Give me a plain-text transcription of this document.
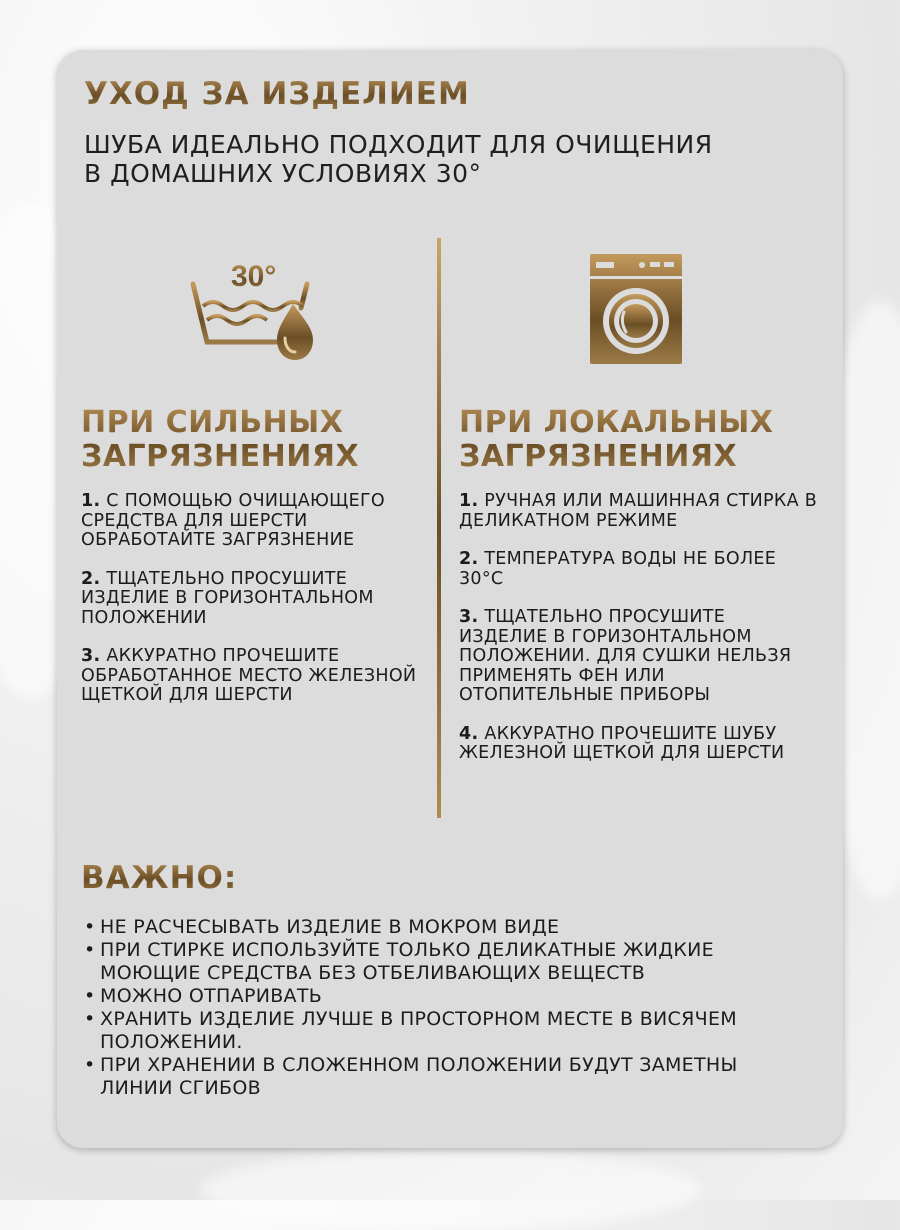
УХОД ЗА ИЗДЕЛИЕМ
ШУБА ИДЕАЛЬНО ПОДХОДИТ ДЛЯ ОЧИЩЕНИЯ
В ДОМАШНИХ УСЛОВИЯХ 30°
30°
ПРИ СИЛЬНЫХ
ЗАГРЯЗНЕНИЯХ
1. С ПОМОЩЬЮ ОЧИЩАЮЩЕГО СРЕДСТВА ДЛЯ ШЕРСТИ ОБРАБОТАЙТЕ ЗАГРЯЗНЕНИЕ
2. ТЩАТЕЛЬНО ПРОСУШИТЕ ИЗДЕЛИЕ В ГОРИЗОНТАЛЬНОМ ПОЛОЖЕНИИ
3. АККУРАТНО ПРОЧЕШИТЕ ОБРАБОТАННОЕ МЕСТО ЖЕЛЕЗНОЙ ЩЕТКОЙ ДЛЯ ШЕРСТИ
ПРИ ЛОКАЛЬНЫХ
ЗАГРЯЗНЕНИЯХ
1. РУЧНАЯ ИЛИ МАШИННАЯ СТИРКА В ДЕЛИКАТНОМ РЕЖИМЕ
2. ТЕМПЕРАТУРА ВОДЫ НЕ БОЛЕЕ 30°С
3. ТЩАТЕЛЬНО ПРОСУШИТЕ ИЗДЕЛИЕ В ГОРИЗОНТАЛЬНОМ ПОЛОЖЕНИИ. ДЛЯ СУШКИ НЕЛЬЗЯ ПРИМЕНЯТЬ ФЕН ИЛИ ОТОПИТЕЛЬНЫЕ ПРИБОРЫ
4. АККУРАТНО ПРОЧЕШИТЕ ШУБУ ЖЕЛЕЗНОЙ ЩЕТКОЙ ДЛЯ ШЕРСТИ
ВАЖНО:
• НЕ РАСЧЕСЫВАТЬ ИЗДЕЛИЕ В МОКРОМ ВИДЕ
• ПРИ СТИРКЕ ИСПОЛЬЗУЙТЕ ТОЛЬКО ДЕЛИКАТНЫЕ ЖИДКИЕ МОЮЩИЕ СРЕДСТВА БЕЗ ОТБЕЛИВАЮЩИХ ВЕЩЕСТВ
• МОЖНО ОТПАРИВАТЬ
• ХРАНИТЬ ИЗДЕЛИЕ ЛУЧШЕ В ПРОСТОРНОМ МЕСТЕ В ВИСЯЧЕМ ПОЛОЖЕНИИ.
• ПРИ ХРАНЕНИИ В СЛОЖЕННОМ ПОЛОЖЕНИИ БУДУТ ЗАМЕТНЫ ЛИНИИ СГИБОВ
